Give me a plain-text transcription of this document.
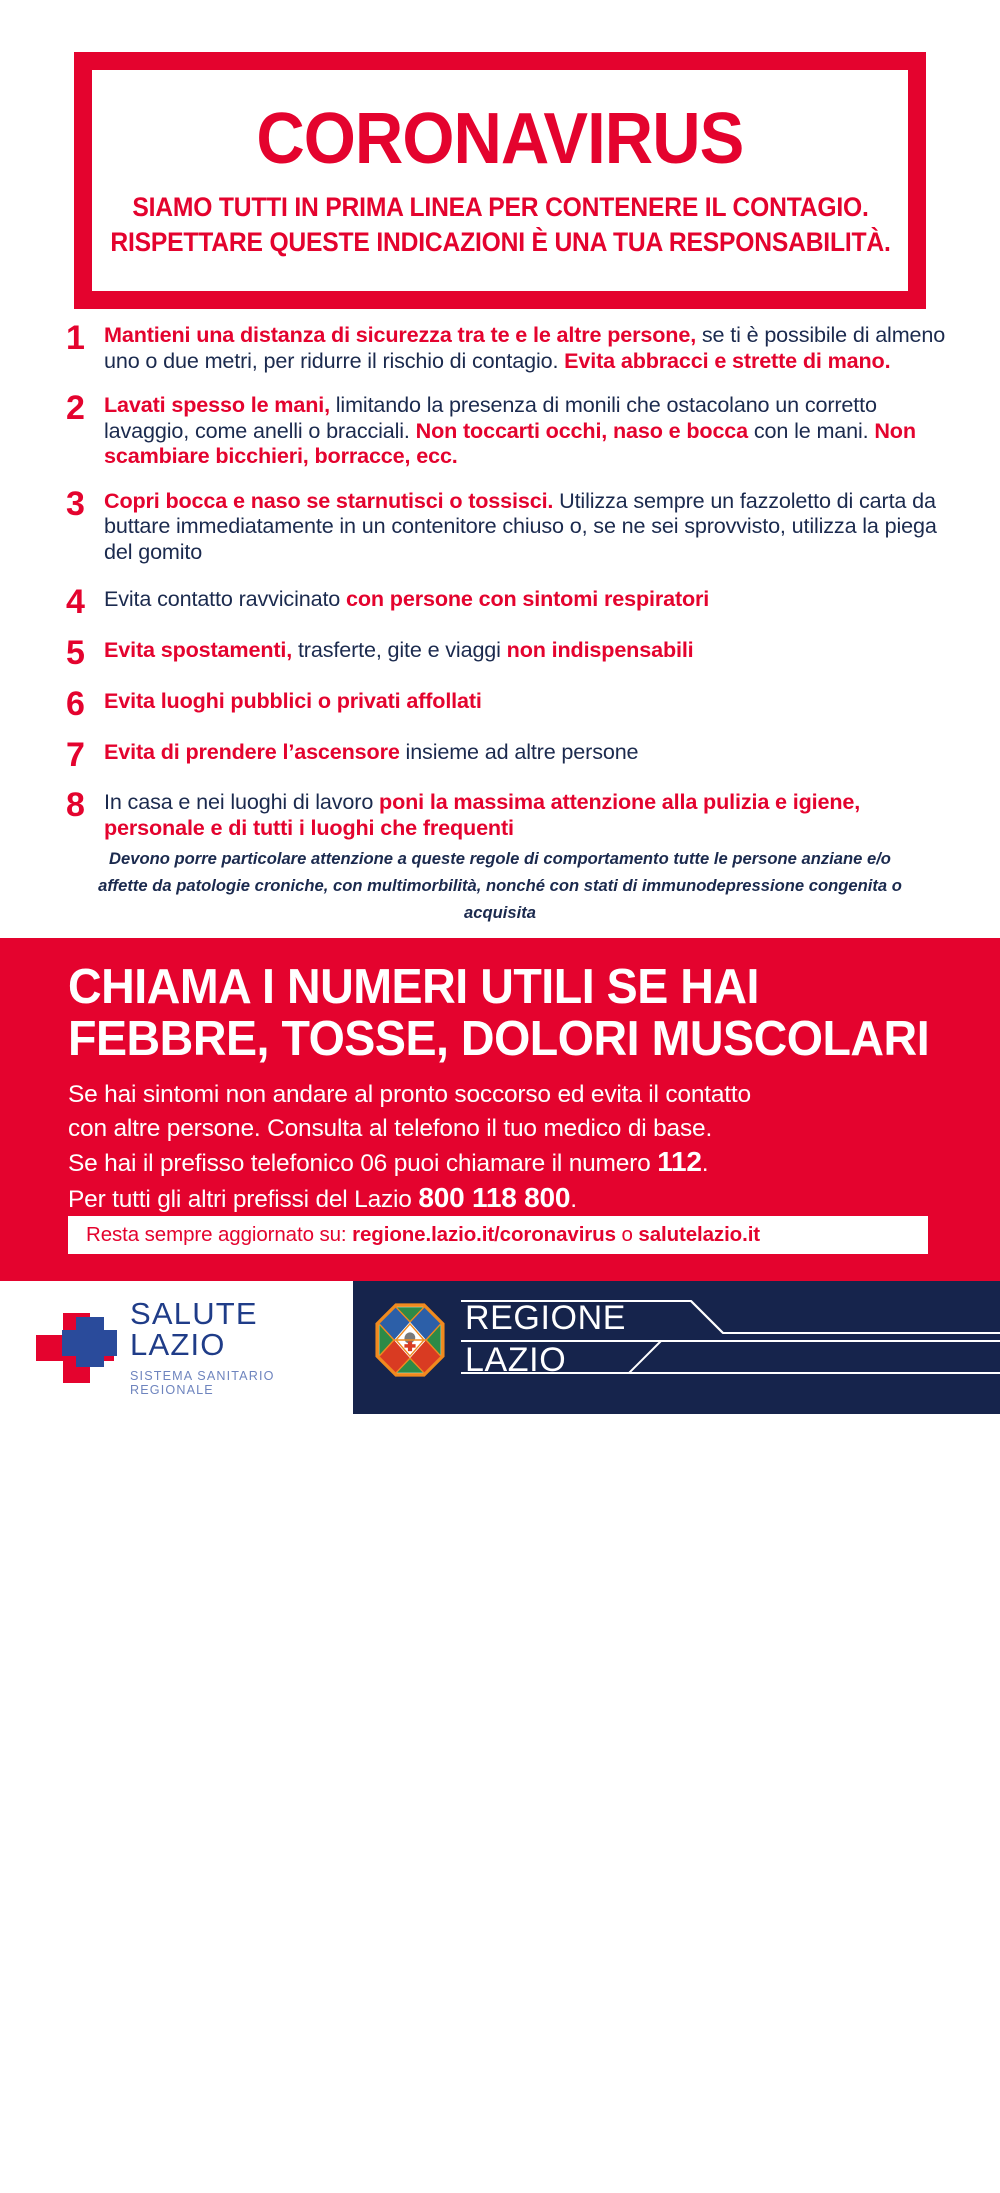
CORONAVIRUS
SIAMO TUTTI IN PRIMA LINEA PER CONTENERE IL CONTAGIO.
RISPETTARE QUESTE INDICAZIONI È UNA TUA RESPONSABILITÀ.
1 Mantieni una distanza di sicurezza tra te e le altre persone, se ti è possibile di almeno uno o due metri, per ridurre il rischio di contagio. Evita abbracci e strette di mano.
2 Lavati spesso le mani, limitando la presenza di monili che ostacolano un corretto lavaggio, come anelli o bracciali. Non toccarti occhi, naso e bocca con le mani. Non scambiare bicchieri, borracce, ecc.
3 Copri bocca e naso se starnutisci o tossisci. Utilizza sempre un fazzoletto di carta da buttare immediatamente in un contenitore chiuso o, se ne sei sprovvisto, utilizza la piega del gomito
4 Evita contatto ravvicinato con persone con sintomi respiratori
5 Evita spostamenti, trasferte, gite e viaggi non indispensabili
6 Evita luoghi pubblici o privati affollati
7 Evita di prendere l’ascensore insieme ad altre persone
8 In casa e nei luoghi di lavoro poni la massima attenzione alla pulizia e igiene, personale e di tutti i luoghi che frequenti
Devono porre particolare attenzione a queste regole di comportamento tutte le persone anziane e/o affette da patologie croniche, con multimorbilità, nonché con stati di immunodepressione congenita o acquisita
CHIAMA I NUMERI UTILI SE HAI
FEBBRE, TOSSE, DOLORI MUSCOLARI
Se hai sintomi non andare al pronto soccorso ed evita il contatto
con altre persone. Consulta al telefono il tuo medico di base.
Se hai il prefisso telefonico 06 puoi chiamare il numero 112.
Per tutti gli altri prefissi del Lazio 800 118 800.
Testi elaborati con il supporto dell'INMI Spallanzani
Resta sempre aggiornato su: regione.lazio.it/coronavirus o salutelazio.it
SALUTE LAZIO
SISTEMA SANITARIO REGIONALE
REGIONE
LAZIO
